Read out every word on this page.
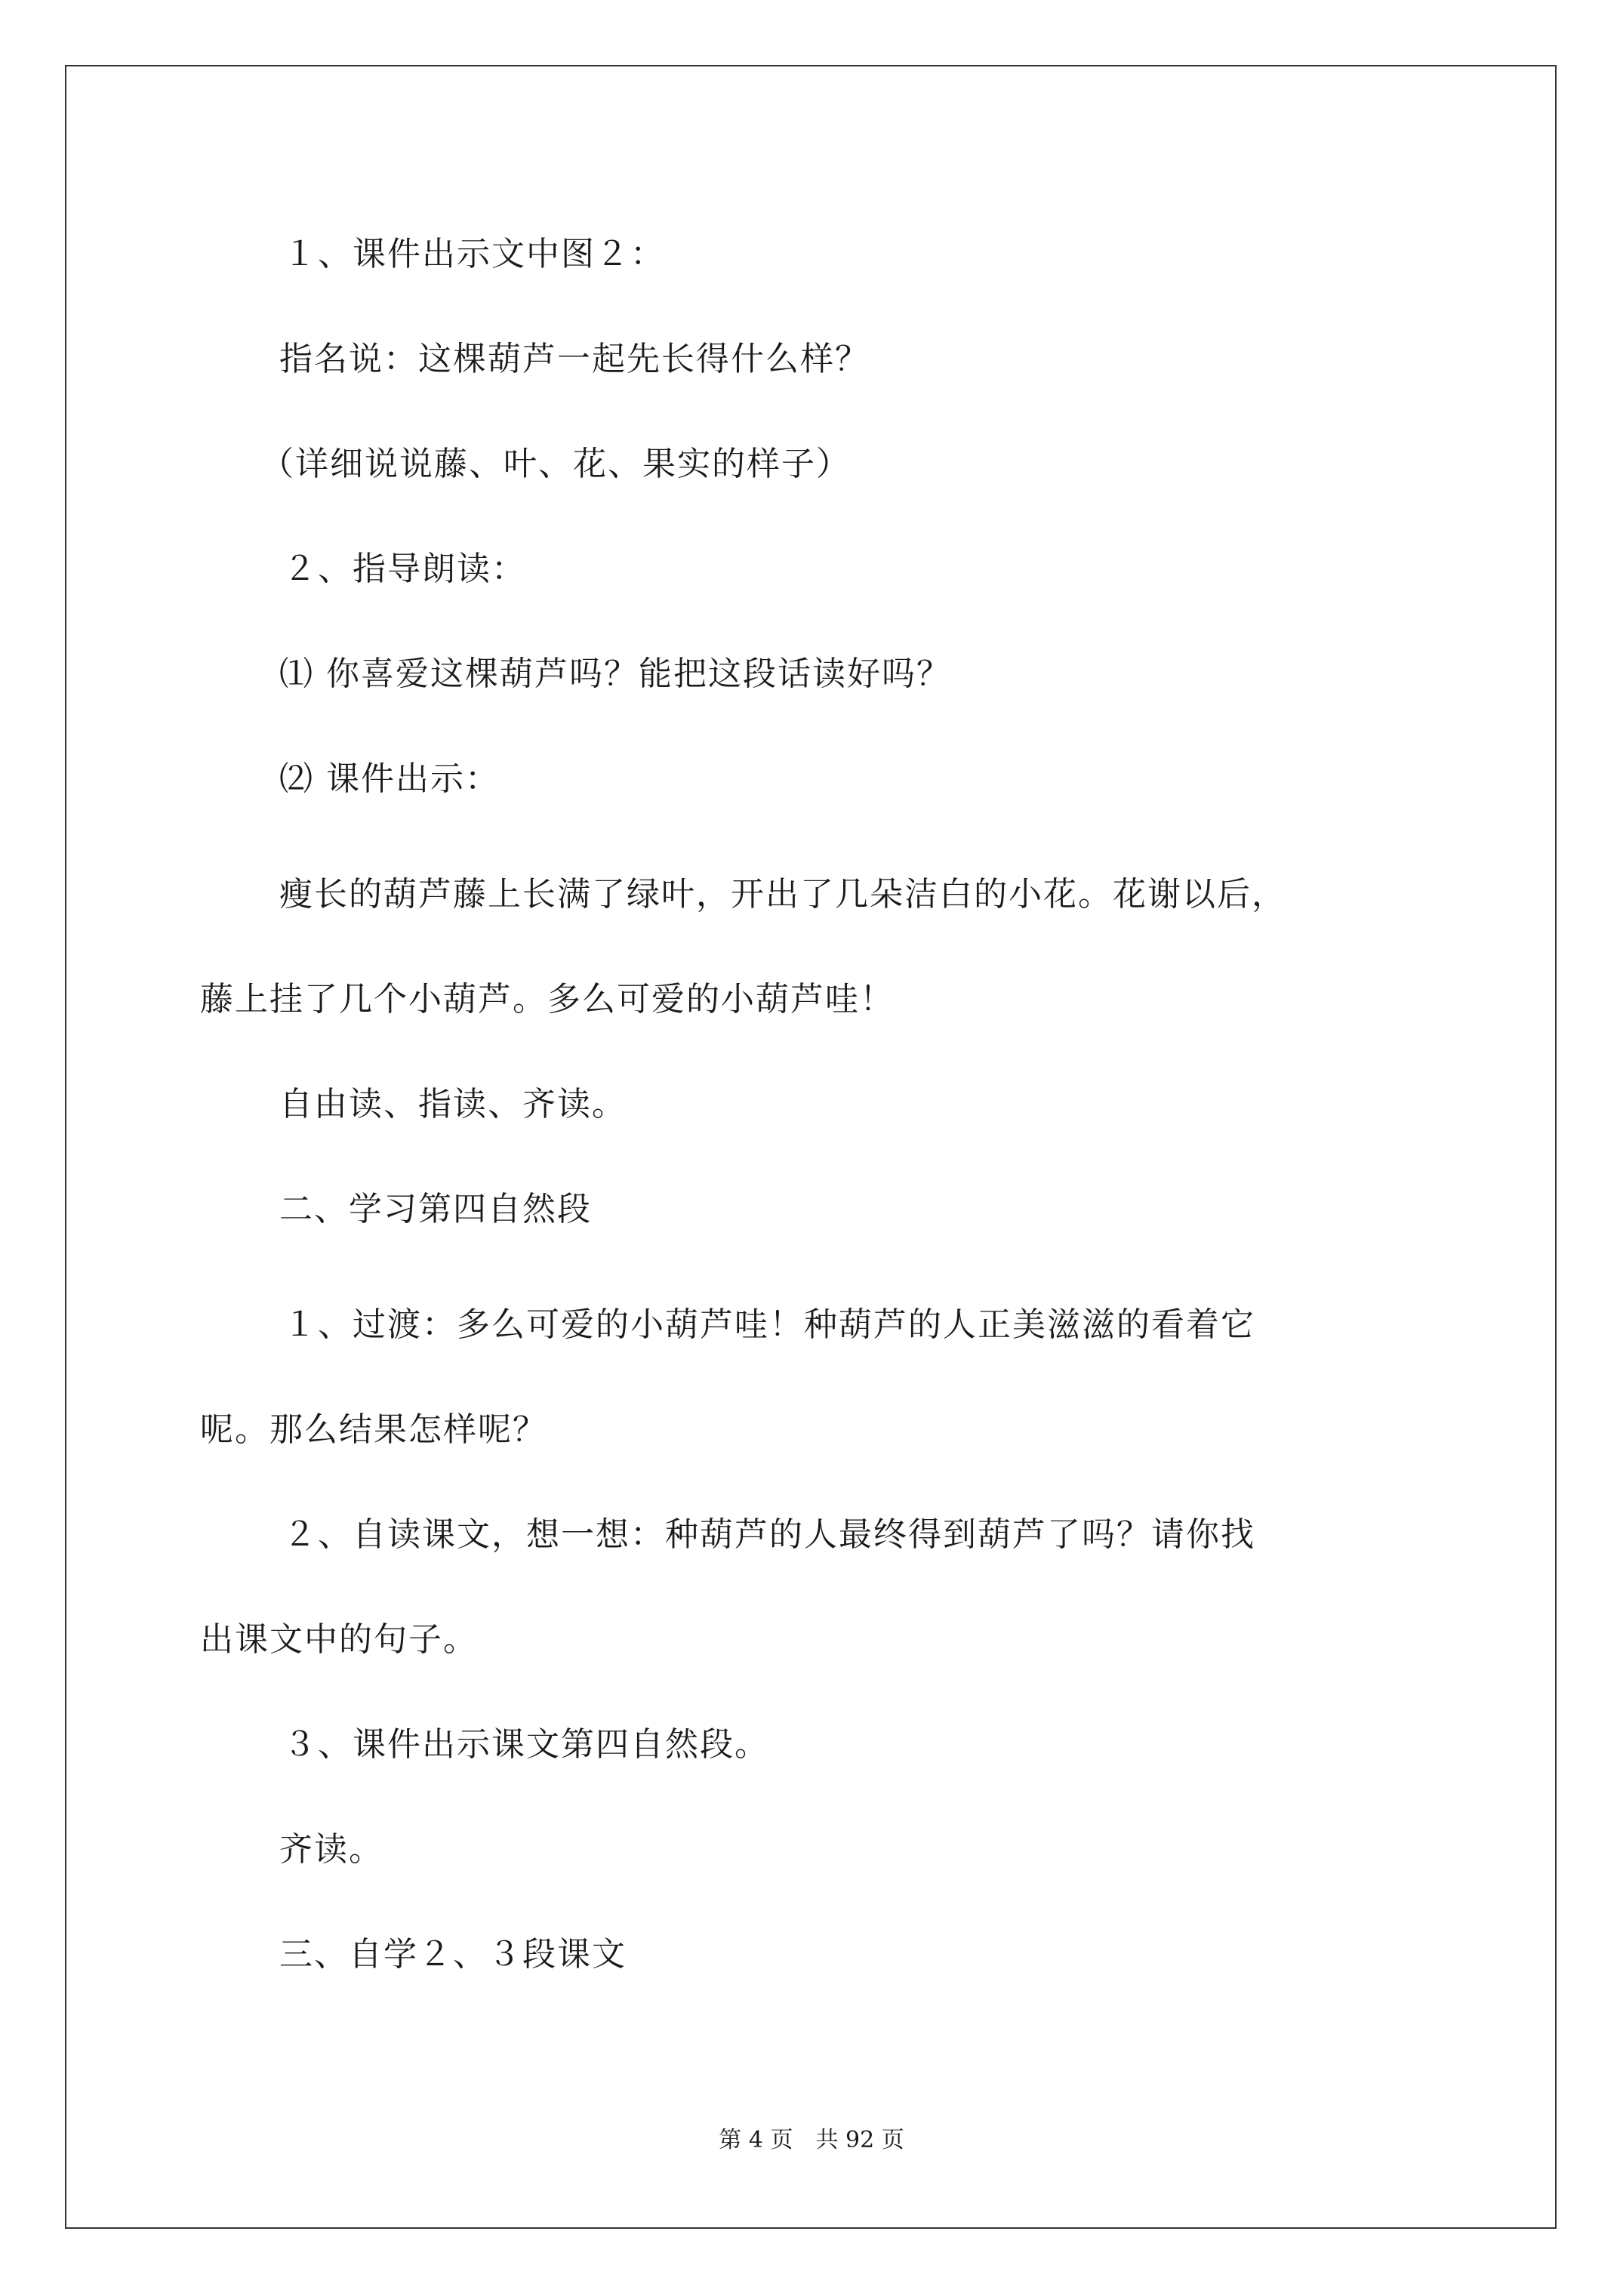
１、课件出示文中图２：
指名说：这棵葫芦一起先长得什么样？
（详细说说藤、叶、花、果实的样子）
２、指导朗读：
⑴ 你喜爱这棵葫芦吗？能把这段话读好吗？
⑵ 课件出示：
瘦长的葫芦藤上长满了绿叶，开出了几朵洁白的小花。花谢以后，
藤上挂了几个小葫芦。多么可爱的小葫芦哇！
自由读、指读、齐读。
二、学习第四自然段
１、过渡：多么可爱的小葫芦哇！种葫芦的人正美滋滋的看着它
呢。那么结果怎样呢？
２、自读课文，想一想：种葫芦的人最终得到葫芦了吗？请你找
出课文中的句子。
３、课件出示课文第四自然段。
齐读。
三、自学２、３段课文
第 4 页　共 92 页
